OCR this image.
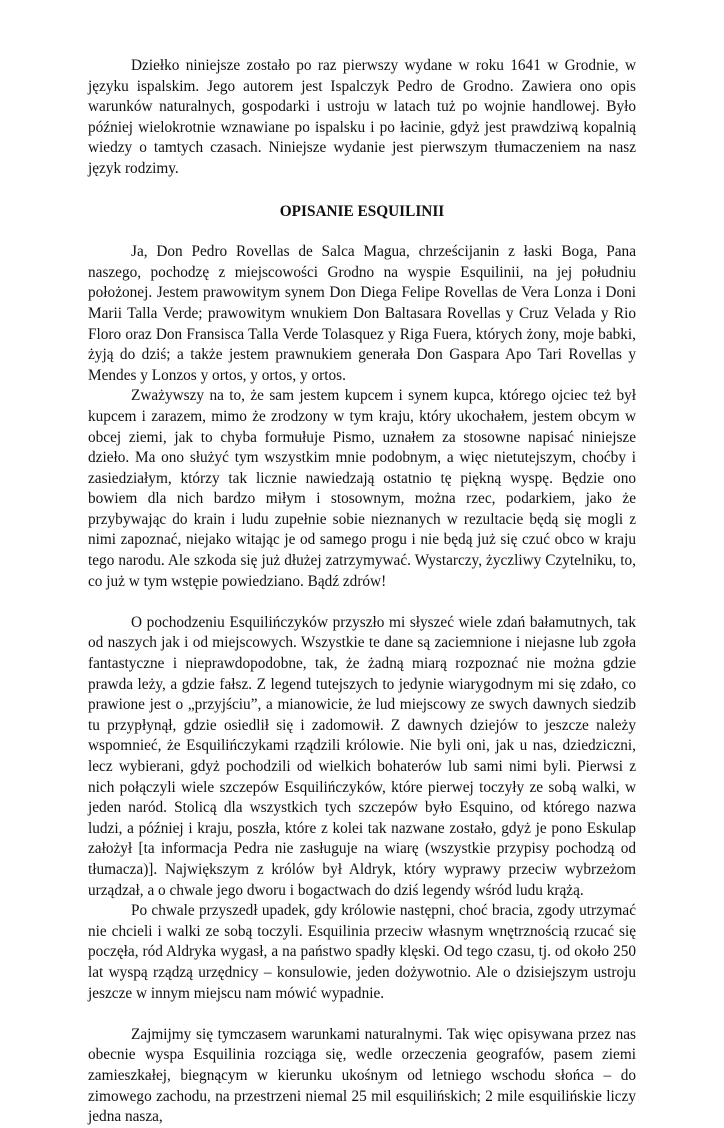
Dziełko niniejsze zostało po raz pierwszy wydane w roku 1641 w Grodnie, w języku ispalskim. Jego autorem jest Ispalczyk Pedro de Grodno. Zawiera ono opis warunków naturalnych, gospodarki i ustroju w latach tuż po wojnie handlowej. Było później wielokrotnie wznawiane po ispalsku i po łacinie, gdyż jest prawdziwą kopalnią wiedzy o tamtych czasach. Niniejsze wydanie jest pierwszym tłumaczeniem na nasz język rodzimy.

OPISANIE ESQUILINII

Ja, Don Pedro Rovellas de Salca Magua, chrześcijanin z łaski Boga, Pana naszego, pochodzę z miejscowości Grodno na wyspie Esquilinii, na jej południu położonej. Jestem prawowitym synem Don Diega Felipe Rovellas de Vera Lonza i Doni Marii Talla Verde; prawowitym wnukiem Don Baltasara Rovellas y Cruz Velada y Rio Floro oraz Don Fransisca Talla Verde Tolasquez y Riga Fuera, których żony, moje babki, żyją do dziś; a także jestem prawnukiem generała Don Gaspara Apo Tari Rovellas y Mendes y Lonzos y ortos, y ortos, y ortos.

Zważywszy na to, że sam jestem kupcem i synem kupca, którego ojciec też był kupcem i zarazem, mimo że zrodzony w tym kraju, który ukochałem, jestem obcym w obcej ziemi, jak to chyba formułuje Pismo, uznałem za stosowne napisać niniejsze dzieło. Ma ono służyć tym wszystkim mnie podobnym, a więc nietutejszym, choćby i zasiedziałym, którzy tak licznie nawiedzają ostatnio tę piękną wyspę. Będzie ono bowiem dla nich bardzo miłym i stosownym, można rzec, podarkiem, jako że przybywając do krain i ludu zupełnie sobie nieznanych w rezultacie będą się mogli z nimi zapoznać, niejako witając je od samego progu i nie będą już się czuć obco w kraju tego narodu. Ale szkoda się już dłużej zatrzymywać. Wystarczy, życzliwy Czytelniku, to, co już w tym wstępie powiedziano. Bądź zdrów!

O pochodzeniu Esquilińczyków przyszło mi słyszeć wiele zdań bałamutnych, tak od naszych jak i od miejscowych. Wszystkie te dane są zaciemnione i niejasne lub zgoła fantastyczne i nieprawdopodobne, tak, że żadną miarą rozpoznać nie można gdzie prawda leży, a gdzie fałsz. Z legend tutejszych to jedynie wiarygodnym mi się zdało, co prawione jest o „przyjściu”, a mianowicie, że lud miejscowy ze swych dawnych siedzib tu przypłynął, gdzie osiedlił się i zadomowił. Z dawnych dziejów to jeszcze należy wspomnieć, że Esquilińczykami rządzili królowie. Nie byli oni, jak u nas, dziedziczni, lecz wybierani, gdyż pochodzili od wielkich bohaterów lub sami nimi byli. Pierwsi z nich połączyli wiele szczepów Esquilińczyków, które pierwej toczyły ze sobą walki, w jeden naród. Stolicą dla wszystkich tych szczepów było Esquino, od którego nazwa ludzi, a później i kraju, poszła, które z kolei tak nazwane zostało, gdyż je pono Eskulap założył [ta informacja Pedra nie zasługuje na wiarę (wszystkie przypisy pochodzą od tłumacza)]. Największym z królów był Aldryk, który wyprawy przeciw wybrzeżom urządzał, a o chwale jego dworu i bogactwach do dziś legendy wśród ludu krążą.

Po chwale przyszedł upadek, gdy królowie następni, choć bracia, zgody utrzymać nie chcieli i walki ze sobą toczyli. Esquilinia przeciw własnym wnętrznością rzucać się poczęła, ród Aldryka wygasł, a na państwo spadły klęski. Od tego czasu, tj. od około 250 lat wyspą rządzą urzędnicy – konsulowie, jeden dożywotnio. Ale o dzisiejszym ustroju jeszcze w innym miejscu nam mówić wypadnie.

Zajmijmy się tymczasem warunkami naturalnymi. Tak więc opisywana przez nas obecnie wyspa Esquilinia rozciąga się, wedle orzeczenia geografów, pasem ziemi zamieszkałej, biegnącym w kierunku ukośnym od letniego wschodu słońca – do zimowego zachodu, na przestrzeni niemal 25 mil esquilińskich; 2 mile esquilińskie liczy jedna nasza,
